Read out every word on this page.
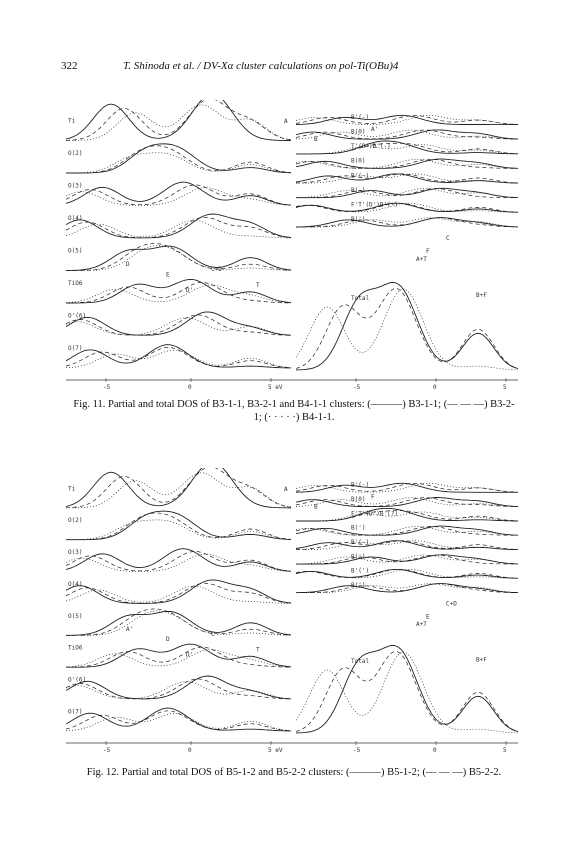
322	T. Shinoda et al. / DV-Xα cluster calculations on pol-Ti(OBu)4
Ti
O(2)
O(3)
O(4)
O(5)
TiO6
O'(6)
O(7)
B'(-)
B(0)
T'(D')B'(-)
B(0)
B'(-)
B(-)
F'T'(D')B'(-)
B(')
Total
-5	0	5 eV	-5	0	5
A
B
C+D
E
F
T
D'
A+T
B+F
C
A'
D
Fig. 11. Partial and total DOS of B3-1-1, B3-2-1 and B4-1-1 clusters: (———) B3-1-1; (— — —) B3-2-1; (· · · · ·) B4-1-1.
Ti
O(2)
O(3)
O(4)
O(5)
TiO6
O'(6)
O(7)
B'(-)
B(0)
F'T'(D')B'(?)
B(')
B'(-)
B(')
B'(')
B(')
Total
-5	0	5 eV	-5	0	5
A
B
C
D
E
T
D'
A+T
B+F
C+D
F
A'
Fig. 12. Partial and total DOS of B5-1-2 and B5-2-2 clusters: (———) B5-1-2; (— — —) B5-2-2.
